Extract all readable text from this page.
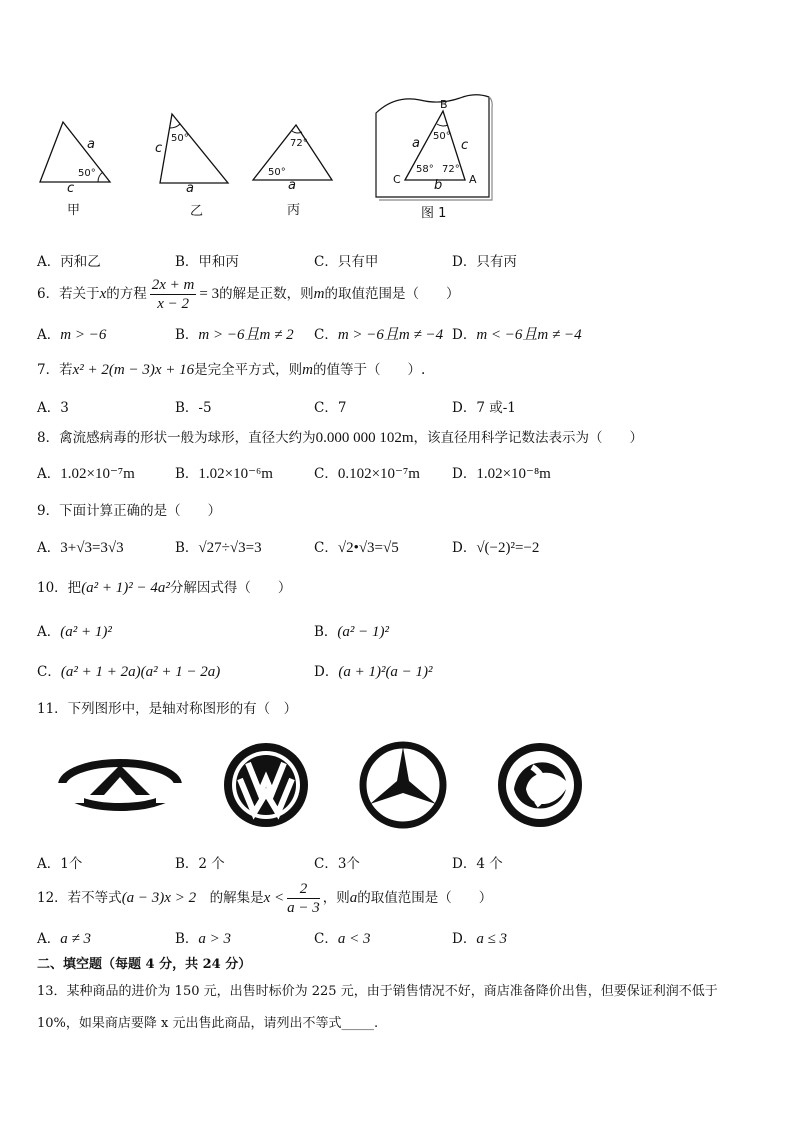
a
c
50°
甲
c
a
50°
乙
72°
50°
a
丙
B
C	A
a	c
b
50°
58° 72°
图 1
A．丙和乙	B．甲和丙	C．只有甲	D．只有丙
6．若关于x的方程 $\frac{2x + m}{x - 2} = 3$的解是正数，则m的取值范围是（　　）
A．m > −6	B．m > −6且m ≠ 2 C．m > −6且m ≠ −4 D．m < −6且m ≠ −4
7．若x² + 2(m − 3)x + 16是完全平方式，则m的值等于（　　）.
A．3	B．-5	C．7	D．7 或-1
8．禽流感病毒的形状一般为球形，直径大约为0.000 000 102m，该直径用科学记数法表示为（　　）
A．1.02×10⁻⁷m	B．1.02×10⁻⁶m	C．0.102×10⁻⁷m D．1.02×10⁻⁸m
9．下面计算正确的是（　　）
A．3+√3=3√3	B．√27÷√3=3	C．√2•√3=√5	D．√(−2)²=−2
10．把(a² + 1)² − 4a²分解因式得（　　）
A．(a² + 1)²	B．(a² − 1)²
C．(a² + 1 + 2a)(a² + 1 − 2a)	D．(a + 1)²(a − 1)²
11．下列图形中，是轴对称图形的有（　）
A．1个	B．2 个	C．3个	D．4 个
12．若不等式(a − 3)x > 2　 的解集是$x < \frac{2}{a - 3}$ ，则a的取值范围是（　　）
A．a ≠ 3	B．a > 3	C．a < 3	D．a ≤ 3
二、填空题（每题 4 分，共 24 分）
13．某种商品的进价为 150 元，出售时标价为 225 元，由于销售情况不好，商店准备降价出售，但要保证利润不低于
10%，如果商店要降 x 元出售此商品，请列出不等式_____.
